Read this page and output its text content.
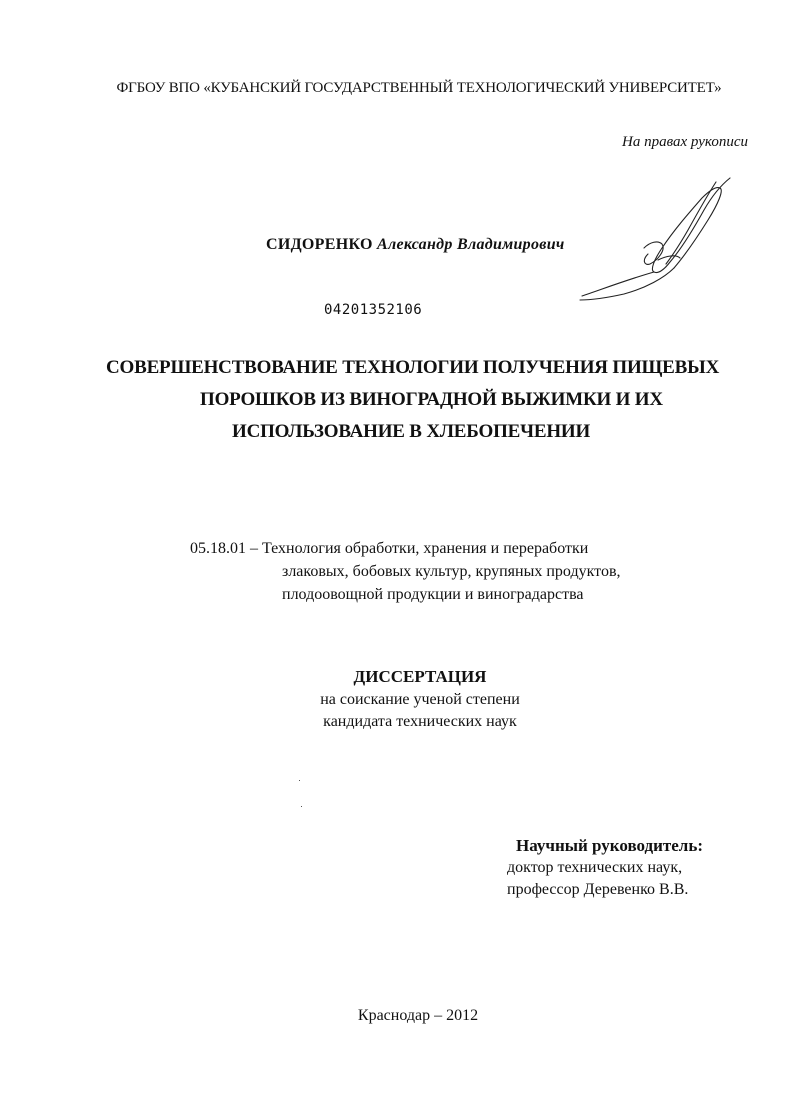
ФГБОУ ВПО «КУБАНСКИЙ ГОСУДАРСТВЕННЫЙ ТЕХНОЛОГИЧЕСКИЙ УНИВЕРСИТЕТ»
На правах рукописи
СИДОРЕНКО Александр Владимирович
04201352106
СОВЕРШЕНСТВОВАНИЕ ТЕХНОЛОГИИ ПОЛУЧЕНИЯ ПИЩЕВЫХ
ПОРОШКОВ ИЗ ВИНОГРАДНОЙ ВЫЖИМКИ И ИХ
ИСПОЛЬЗОВАНИЕ В ХЛЕБОПЕЧЕНИИ
05.18.01 – Технология обработки, хранения и переработки
злаковых, бобовых культур, крупяных продуктов,
плодоовощной продукции и виноградарства
ДИССЕРТАЦИЯ
на соискание ученой степени
кандидата технических наук
Научный руководитель:
доктор технических наук,
профессор Деревенко В.В.
Краснодар – 2012
